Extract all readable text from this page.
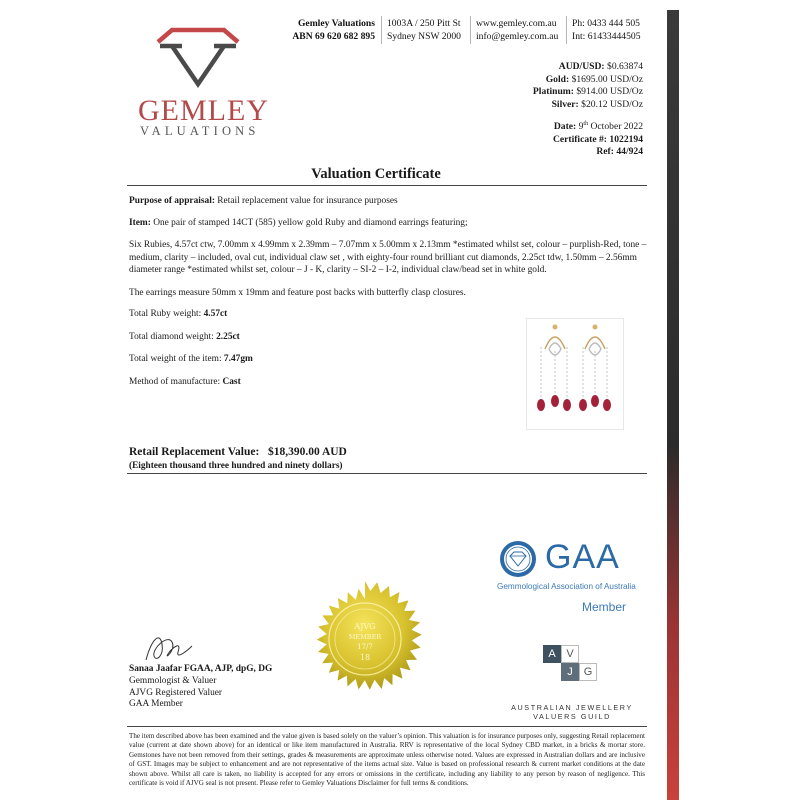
GEMLEY
VALUATIONS
Gemley Valuations
ABN 69 620 682 895
1003A / 250 Pitt St
Sydney NSW 2000
www.gemley.com.au
info@gemley.com.au
Ph: 0433 444 505
Int: 61433444505
AUD/USD: $0.63874
Gold: $1695.00 USD/Oz
Platinum: $914.00 USD/Oz
Silver: $20.12 USD/Oz
Date: 9th October 2022
Certificate #: 1022194
Ref: 44/924
Valuation Certificate
Purpose of appraisal: Retail replacement value for insurance purposes
Item: One pair of stamped 14CT (585) yellow gold Ruby and diamond earrings featuring;
Six Rubies, 4.57ct ctw, 7.00mm x 4.99mm x 2.39mm – 7.07mm x 5.00mm x 2.13mm *estimated whilst set, colour – purplish-Red, tone – medium, clarity – included, oval cut, individual claw set , with eighty-four round brilliant cut diamonds, 2.25ct tdw, 1.50mm – 2.56mm diameter range *estimated whilst set, colour – J - K, clarity – SI-2 – I-2, individual claw/bead set in white gold.
The earrings measure 50mm x 19mm and feature post backs with butterfly clasp closures.
Total Ruby weight: 4.57ct
Total diamond weight: 2.25ct
Total weight of the item: 7.47gm
Method of manufacture: Cast
Retail Replacement Value: $18,390.00 AUD
(Eighteen thousand three hundred and ninety dollars)
AJVG
MEMBER
17/7
18
Sanaa Jaafar FGAA, AJP, dpG, DG
Gemmologist & Valuer
AJVG Registered Valuer
GAA Member
GAA
Gemmological Association of Australia
Member
A V
J G
AUSTRALIAN JEWELLERY
VALUERS GUILD
The item described above has been examined and the value given is based solely on the valuer’s opinion. This valuation is for insurance purposes only, suggesting Retail replacement value (current at date shown above) for an identical or like item manufactured in Australia. RRV is representative of the local Sydney CBD market, in a bricks & mortar store. Gemstones have not been removed from their settings, grades & measurements are approximate unless otherwise noted. Values are expressed in Australian dollars and are inclusive of GST. Images may be subject to enhancement and are not representative of the items actual size. Value is based on professional research & current market conditions at the date shown above. Whilst all care is taken, no liability is accepted for any errors or omissions in the certificate, including any liability to any person by reason of negligence. This certificate is void if AJVG seal is not present. Please refer to Gemley Valuations Disclaimer for full terms & conditions.
